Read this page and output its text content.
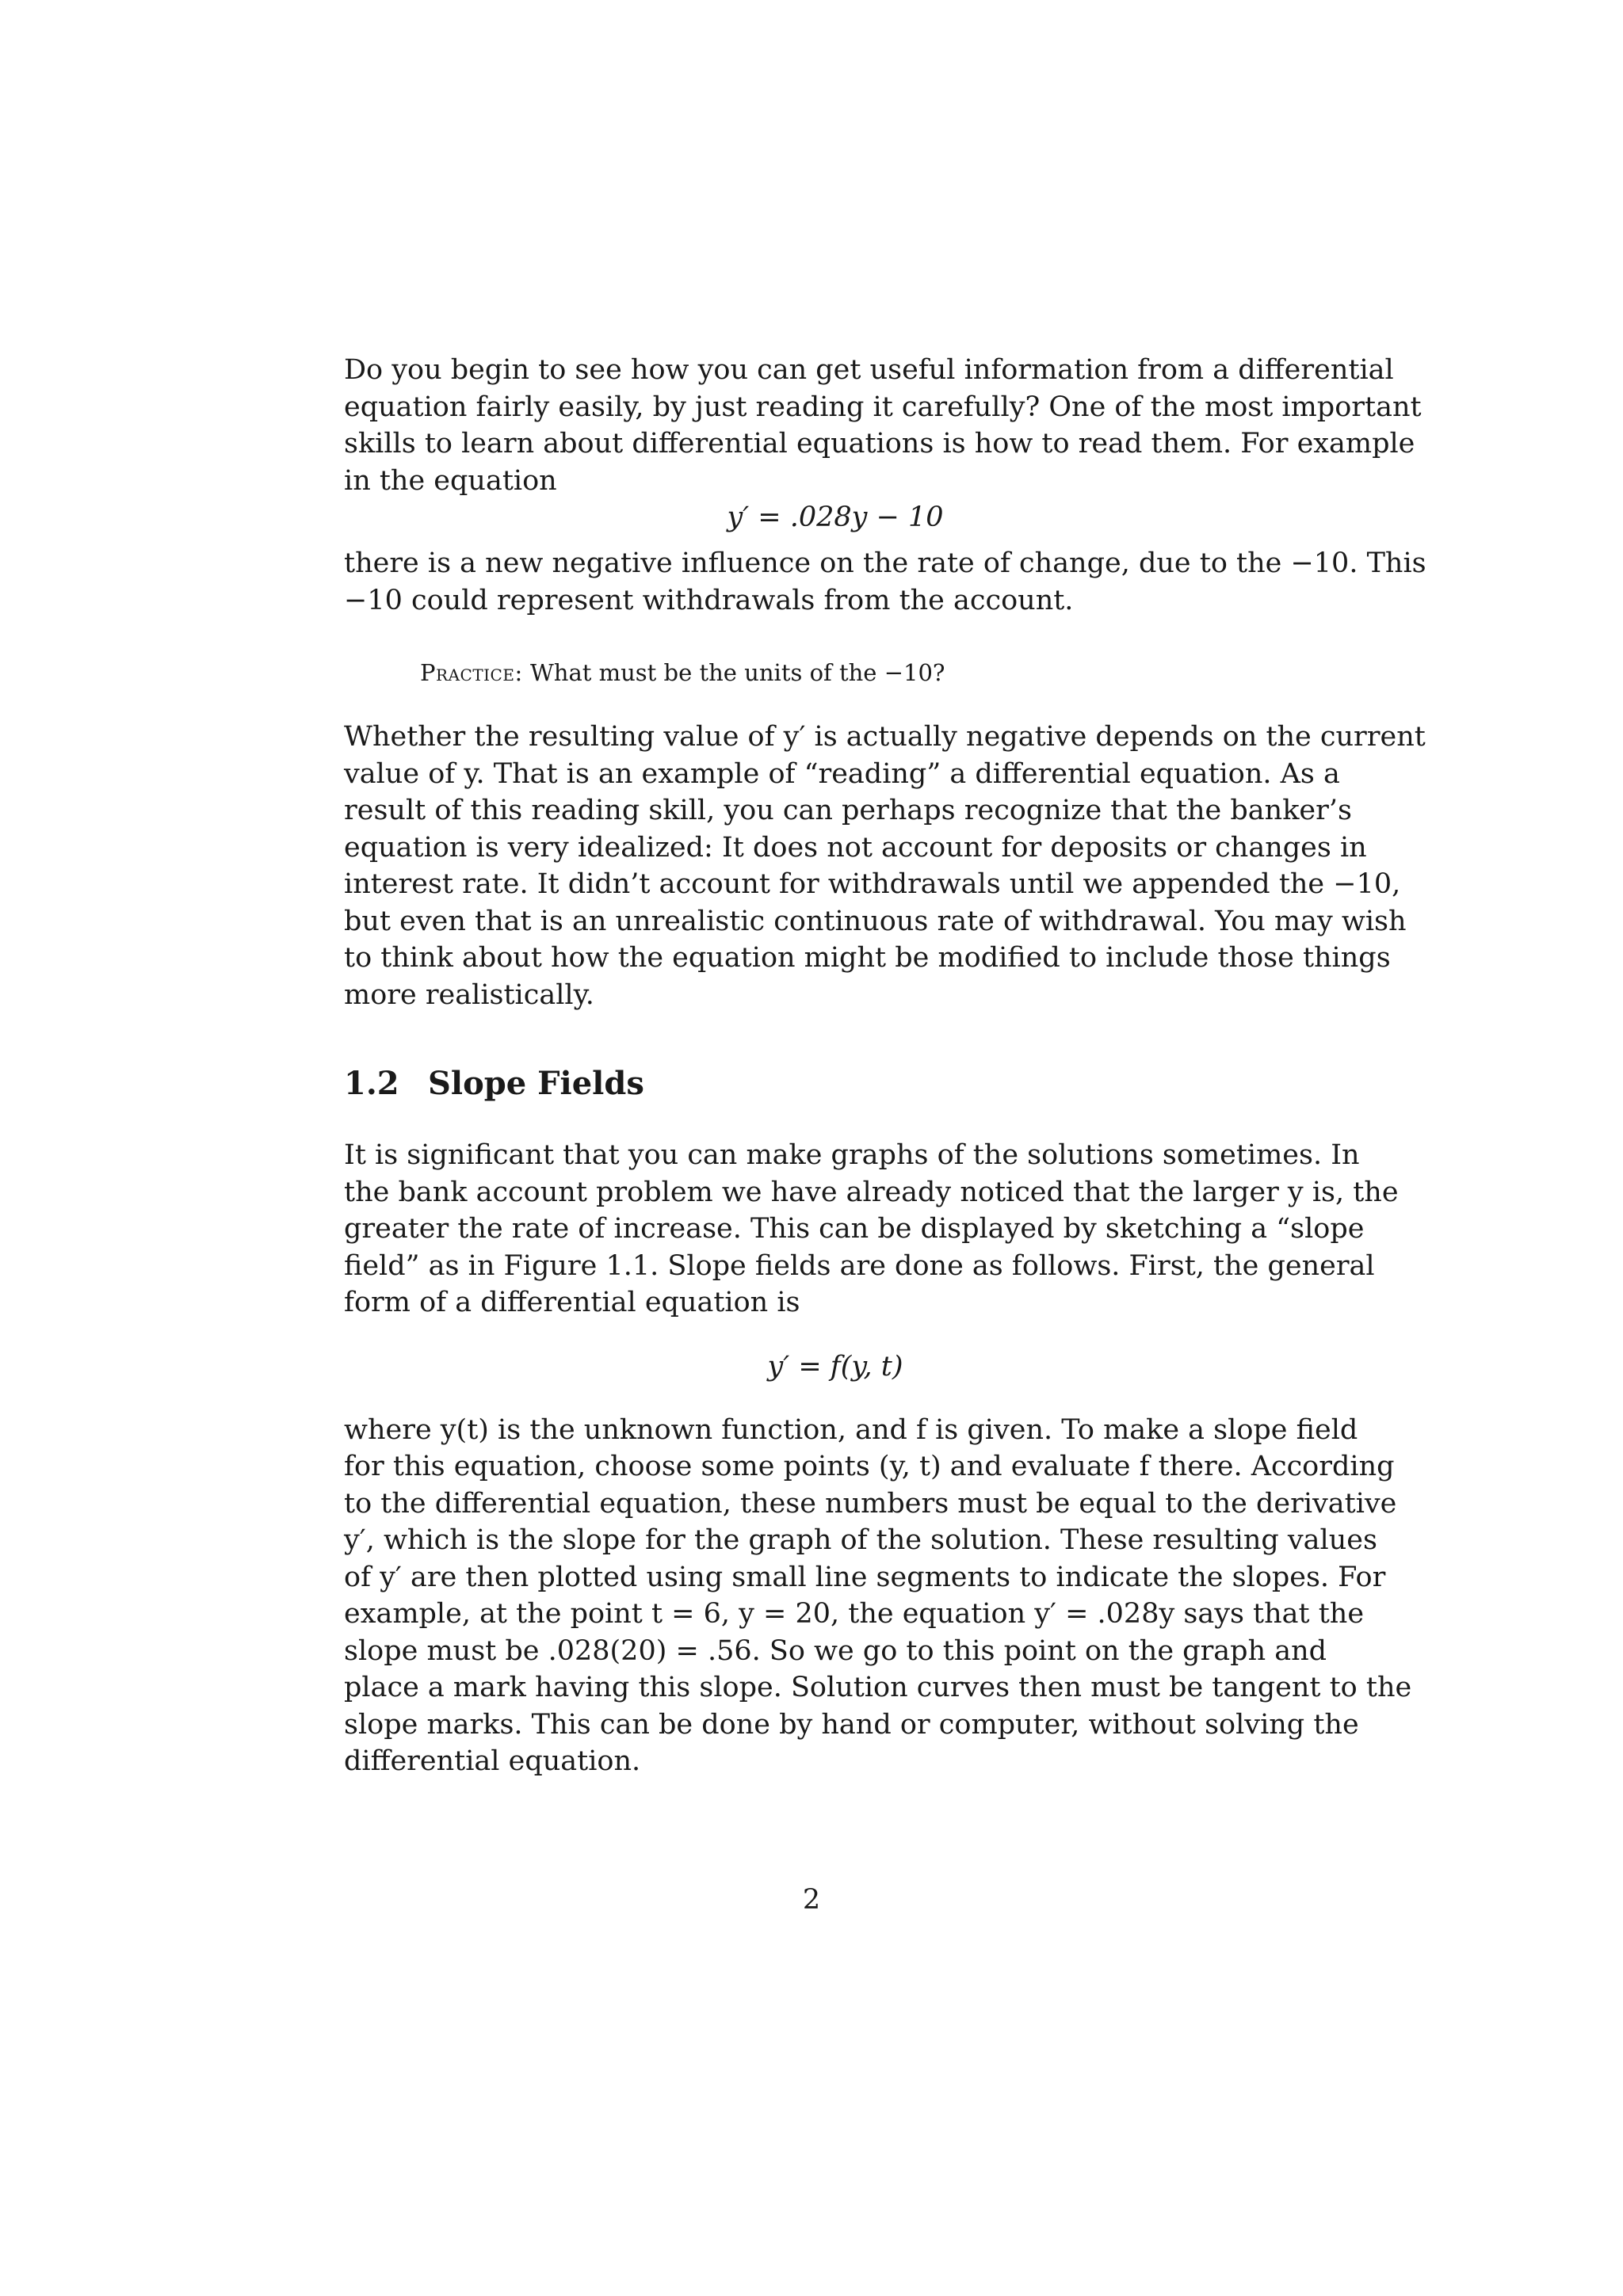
Do you begin to see how you can get useful information from a differential
equation fairly easily, by just reading it carefully? One of the most important
skills to learn about differential equations is how to read them. For example
in the equation

y′ = .028y − 10

there is a new negative influence on the rate of change, due to the −10. This
−10 could represent withdrawals from the account.

Practice: What must be the units of the −10?

Whether the resulting value of y′ is actually negative depends on the current
value of y. That is an example of “reading” a differential equation. As a
result of this reading skill, you can perhaps recognize that the banker’s
equation is very idealized: It does not account for deposits or changes in
interest rate. It didn’t account for withdrawals until we appended the −10,
but even that is an unrealistic continuous rate of withdrawal. You may wish
to think about how the equation might be modified to include those things
more realistically.

1.2 Slope Fields

It is significant that you can make graphs of the solutions sometimes. In
the bank account problem we have already noticed that the larger y is, the
greater the rate of increase. This can be displayed by sketching a “slope
field” as in Figure 1.1. Slope fields are done as follows. First, the general
form of a differential equation is

y′ = f(y, t)

where y(t) is the unknown function, and f is given. To make a slope field
for this equation, choose some points (y, t) and evaluate f there. According
to the differential equation, these numbers must be equal to the derivative
y′, which is the slope for the graph of the solution. These resulting values
of y′ are then plotted using small line segments to indicate the slopes. For
example, at the point t = 6, y = 20, the equation y′ = .028y says that the
slope must be .028(20) = .56. So we go to this point on the graph and
place a mark having this slope. Solution curves then must be tangent to the
slope marks. This can be done by hand or computer, without solving the
differential equation.

2
